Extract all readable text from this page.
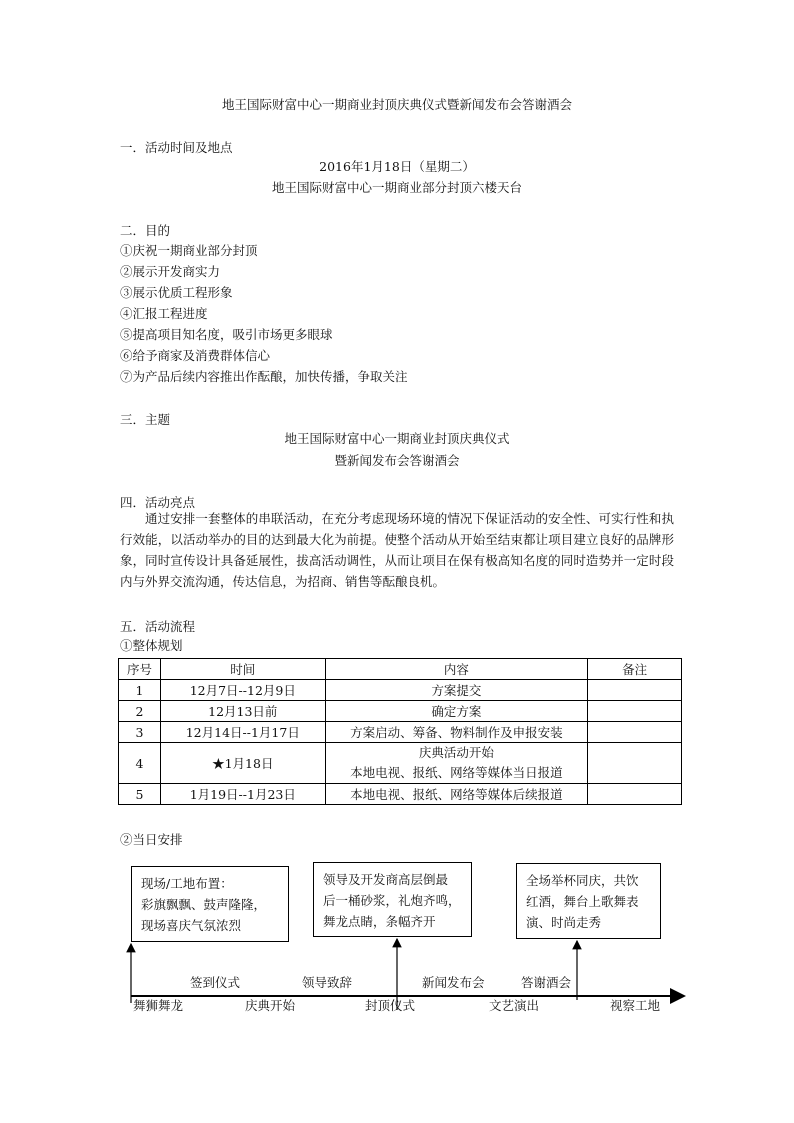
地王国际财富中心一期商业封顶庆典仪式暨新闻发布会答谢酒会
一．活动时间及地点
2016年1月18日（星期二）
地王国际财富中心一期商业部分封顶六楼天台
二．目的
①庆祝一期商业部分封顶
②展示开发商实力
③展示优质工程形象
④汇报工程进度
⑤提高项目知名度，吸引市场更多眼球
⑥给予商家及消费群体信心
⑦为产品后续内容推出作酝酿，加快传播，争取关注
三．主题
地王国际财富中心一期商业封顶庆典仪式
暨新闻发布会答谢酒会
四．活动亮点
通过安排一套整体的串联活动，在充分考虑现场环境的情况下保证活动的安全性、可实行性和执行效能，以活动举办的目的达到最大化为前提。使整个活动从开始至结束都让项目建立良好的品牌形象，同时宣传设计具备延展性，拔高活动调性，从而让项目在保有极高知名度的同时造势并一定时段内与外界交流沟通，传达信息，为招商、销售等酝酿良机。
五．活动流程
①整体规划
序号	时间	内容	备注
1	12月7日--12月9日	方案提交	
2	12月13日前	确定方案	
3	12月14日--1月17日	方案启动、筹备、物料制作及申报安装	
4	★1月18日	庆典活动开始
本地电视、报纸、网络等媒体当日报道	
5	1月19日--1月23日	本地电视、报纸、网络等媒体后续报道	
②当日安排
现场/工地布置：
彩旗飘飘、鼓声隆隆，
现场喜庆气氛浓烈
领导及开发商高层倒最
后一桶砂浆，礼炮齐鸣，
舞龙点睛，条幅齐开
全场举杯同庆，共饮
红酒，舞台上歌舞表
演、时尚走秀
签到仪式	领导致辞	新闻发布会	答谢酒会
舞狮舞龙	庆典开始	封顶仪式	文艺演出	视察工地
